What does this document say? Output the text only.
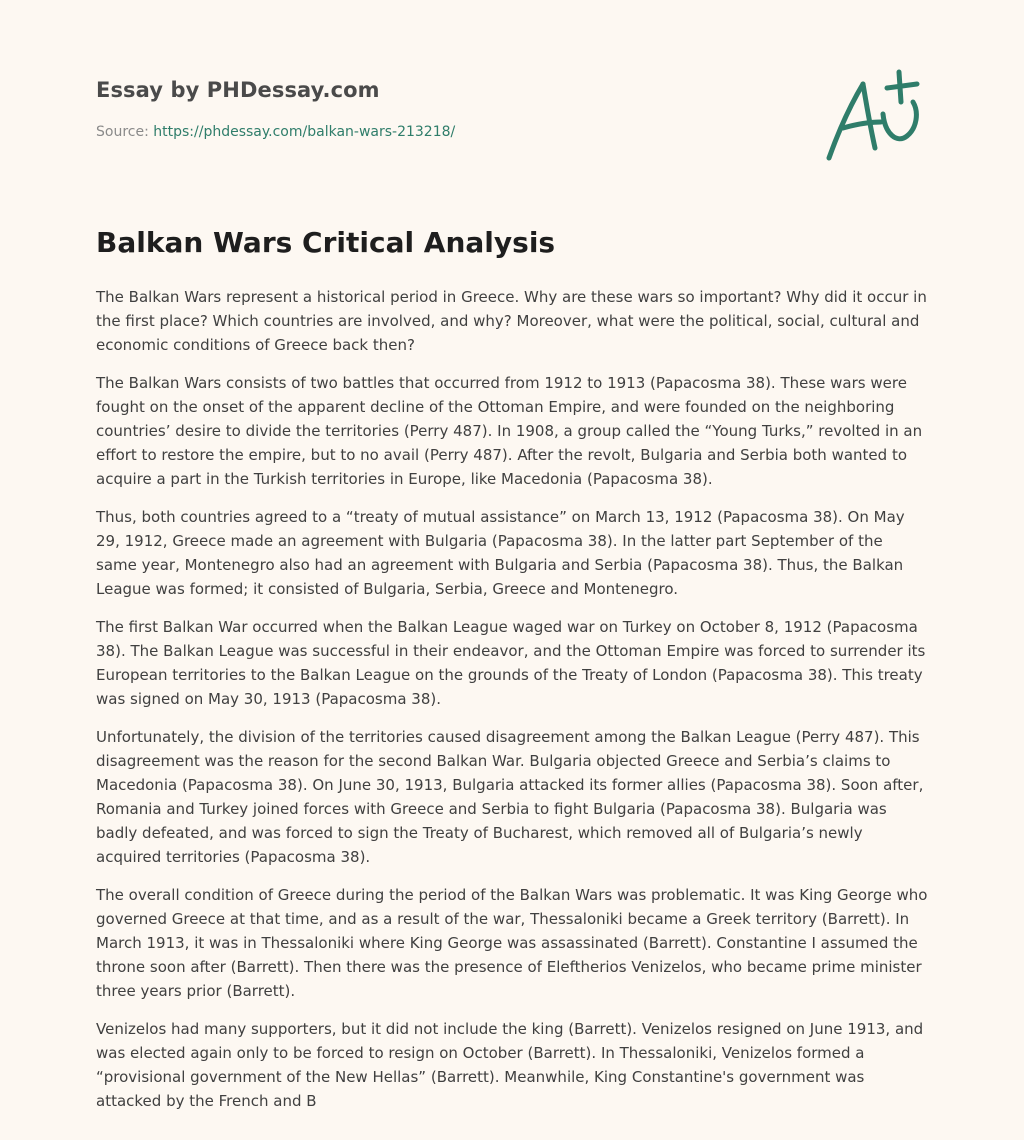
Essay by PHDessay.com

Source: https://phdessay.com/balkan-wars-213218/

Balkan Wars Critical Analysis

The Balkan Wars represent a historical period in Greece. Why are these wars so important? Why did it occur in the first place? Which countries are involved, and why? Moreover, what were the political, social, cultural and economic conditions of Greece back then?

The Balkan Wars consists of two battles that occurred from 1912 to 1913 (Papacosma 38). These wars were fought on the onset of the apparent decline of the Ottoman Empire, and were founded on the neighboring countries’ desire to divide the territories (Perry 487). In 1908, a group called the “Young Turks,” revolted in an effort to restore the empire, but to no avail (Perry 487). After the revolt, Bulgaria and Serbia both wanted to acquire a part in the Turkish territories in Europe, like Macedonia (Papacosma 38).

Thus, both countries agreed to a “treaty of mutual assistance” on March 13, 1912 (Papacosma 38). On May 29, 1912, Greece made an agreement with Bulgaria (Papacosma 38). In the latter part September of the same year, Montenegro also had an agreement with Bulgaria and Serbia (Papacosma 38). Thus, the Balkan League was formed; it consisted of Bulgaria, Serbia, Greece and Montenegro.

The first Balkan War occurred when the Balkan League waged war on Turkey on October 8, 1912 (Papacosma 38). The Balkan League was successful in their endeavor, and the Ottoman Empire was forced to surrender its European territories to the Balkan League on the grounds of the Treaty of London (Papacosma 38). This treaty was signed on May 30, 1913 (Papacosma 38).

Unfortunately, the division of the territories caused disagreement among the Balkan League (Perry 487). This disagreement was the reason for the second Balkan War. Bulgaria objected Greece and Serbia’s claims to Macedonia (Papacosma 38). On June 30, 1913, Bulgaria attacked its former allies (Papacosma 38). Soon after, Romania and Turkey joined forces with Greece and Serbia to fight Bulgaria (Papacosma 38). Bulgaria was badly defeated, and was forced to sign the Treaty of Bucharest, which removed all of Bulgaria’s newly acquired territories (Papacosma 38).

The overall condition of Greece during the period of the Balkan Wars was problematic. It was King George who governed Greece at that time, and as a result of the war, Thessaloniki became a Greek territory (Barrett). In March 1913, it was in Thessaloniki where King George was assassinated (Barrett). Constantine I assumed the throne soon after (Barrett). Then there was the presence of Eleftherios Venizelos, who became prime minister three years prior (Barrett).

Venizelos had many supporters, but it did not include the king (Barrett). Venizelos resigned on June 1913, and was elected again only to be forced to resign on October (Barrett). In Thessaloniki, Venizelos formed a “provisional government of the New Hellas” (Barrett). Meanwhile, King Constantine's government was attacked by the French and B
